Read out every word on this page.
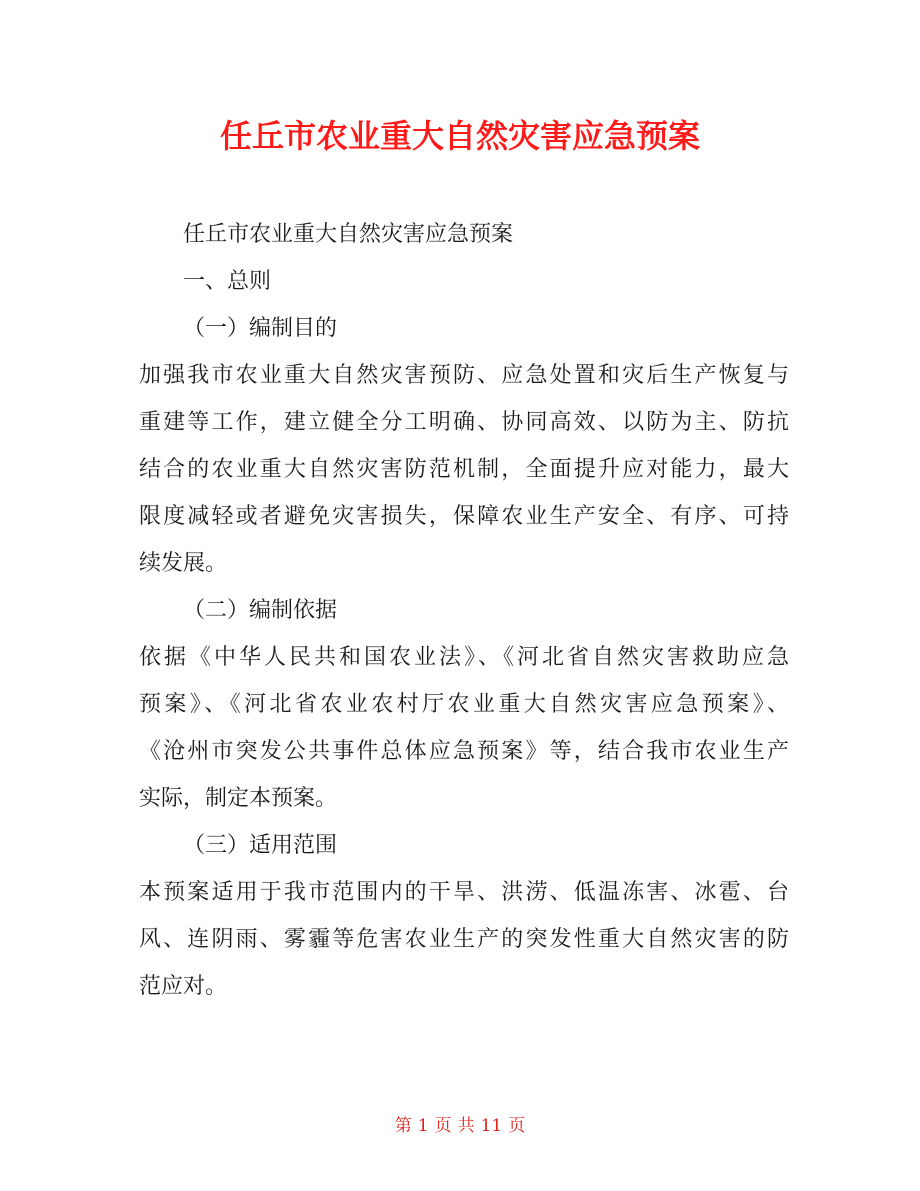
任丘市农业重大自然灾害应急预案
任丘市农业重大自然灾害应急预案
一、总则
（一）编制目的
加强我市农业重大自然灾害预防、应急处置和灾后生产恢复与
重建等工作，建立健全分工明确、协同高效、以防为主、防抗
结合的农业重大自然灾害防范机制，全面提升应对能力，最大
限度减轻或者避免灾害损失，保障农业生产安全、有序、可持
续发展。
（二）编制依据
依据《中华人民共和国农业法》、《河北省自然灾害救助应急
预案》、《河北省农业农村厅农业重大自然灾害应急预案》、
《沧州市突发公共事件总体应急预案》等，结合我市农业生产
实际，制定本预案。
（三）适用范围
本预案适用于我市范围内的干旱、洪涝、低温冻害、冰雹、台
风、连阴雨、雾霾等危害农业生产的突发性重大自然灾害的防
范应对。
第 1 页 共 11 页
